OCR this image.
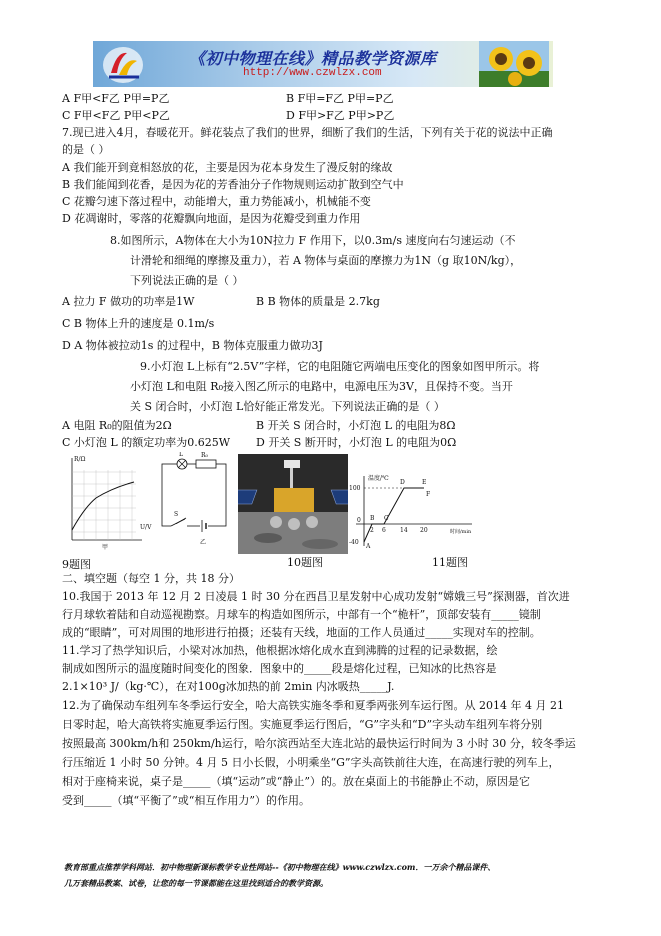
《初中物理在线》精品教学资源库
http://www.czwlzx.com
A F甲<F乙 P甲=P乙	B F甲=F乙 P甲=P乙
C F甲<F乙 P甲<P乙	D F甲>F乙 P甲>P乙
7.现已进入4月，春暖花开。鲜花装点了我们的世界，细断了我们的生活，下列有关于花的说法中正确
的是（ ）
A 我们能开到竟相怒放的花，主要是因为花本身发生了漫反射的缘故
B 我们能闻到花香，是因为花的芳香油分子作物规则运动扩散到空气中
C 花瓣匀速下落过程中，动能增大，重力势能减小，机械能不变
D 花凋谢时，零落的花瓣飘向地面，是因为花瓣受到重力作用
8.如图所示，A物体在大小为10N拉力 F 作用下，以0.3m/s 速度向右匀速运动（不
计滑轮和细绳的摩擦及重力），若 A 物体与桌面的摩擦力为1N（g 取10N/kg），
下列说法正确的是（ ）
A 拉力 F 做功的功率是1W	B B 物体的质量是 2.7kg
C B 物体上升的速度是 0.1m/s
D A 物体被拉动1s 的过程中，B 物体克服重力做功3J
9.小灯泡 L上标有“2.5V”字样，它的电阻随它两端电压变化的图象如图甲所示。将
小灯泡 L和电阻 R₀接入图乙所示的电路中，电源电压为3V，且保持不变。当开
关 S 闭合时，小灯泡 L恰好能正常发光。下列说法正确的是（ ）
A 电阻 R₀的阻值为2Ω	B 开关 S 闭合时，小灯泡 L 的电阻为8Ω
C 小灯泡 L 的额定功率为0.625W D 开关 S 断开时，小灯泡 L 的电阻为0Ω
R/Ω
U/V
甲
L	R₀
S
乙
温度/℃
时间/min
100
0
-40
2 6 14 20
A
B C
D	E
F
9题图	10题图	11题图
二、填空题（每空 1 分，共 18 分）
10.我国于 2013 年 12 月 2 日凌晨 1 时 30 分在西昌卫星发射中心成功发射“嫦娥三号”探测器，首次进
行月球软着陆和自动巡视勘察。月球车的构造如图所示，中部有一个“桅杆”，顶部安装有_____镜制
成的“眼睛”，可对周围的地形进行拍摄；还装有天线，地面的工作人员通过_____实现对车的控制。
11.学习了热学知识后，小梁对冰加热，他根据冰熔化成水直到沸腾的过程的记录数据，绘
制成如图所示的温度随时间变化的图象．图象中的_____段是熔化过程，已知冰的比热容是
2.1×10³ J/（kg·℃），在对100g冰加热的前 2min 内冰吸热_____J.
12.为了确保动车组列车冬季运行安全，哈大高铁实施冬季和夏季两张列车运行图。从 2014 年 4 月 21
日零时起，哈大高铁将实施夏季运行图。实施夏季运行图后，“G”字头和“D”字头动车组列车将分别
按照最高 300km/h和 250km/h运行，哈尔滨西站至大连北站的最快运行时间为 3 小时 30 分，较冬季运
行压缩近 1 小时 50 分钟。4 月 5 日小长假，小明乘坐“G”字头高铁前往大连，在高速行驶的列车上，
相对于座椅来说，桌子是_____（填“运动”或“静止”）的。放在桌面上的书能静止不动，原因是它
受到_____（填“平衡了”或“相互作用力”）的作用。
教育部重点推荐学科网站．初中物理新课标教学专业性网站--《初中物理在线》www.czwlzx.com．一万余个精品课件、
几万套精品教案、试卷，让您的每一节课都能在这里找到适合的教学资源。
